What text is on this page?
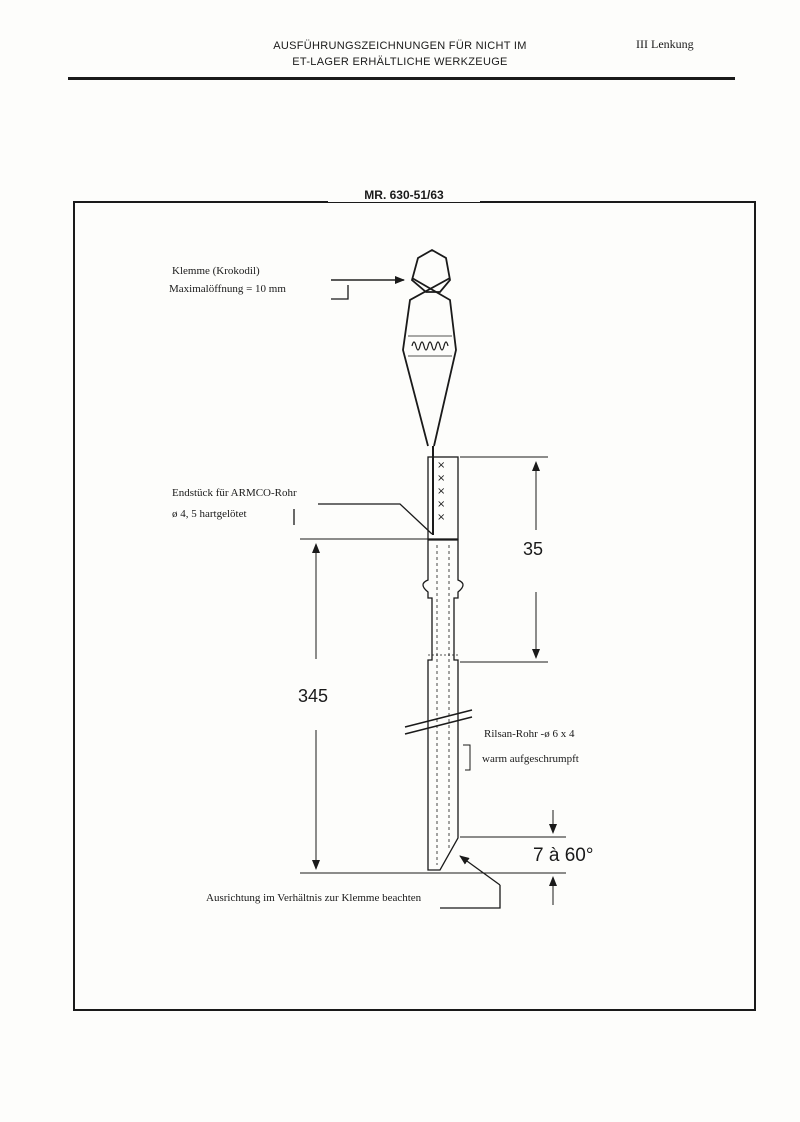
AUSFÜHRUNGSZEICHNUNGEN FÜR NICHT IM
ET-LAGER ERHÄLTLICHE WERKZEUGE
III Lenkung
MR. 630-51/63
×
×
×
×
×
Klemme (Krokodil)
Maximalöffnung = 10 mm
Endstück für ARMCO-Rohr
ø 4, 5 hartgelötet
Rilsan-Rohr -ø 6 x 4
warm aufgeschrumpft
Ausrichtung im Verhältnis zur Klemme beachten
35
345
7 à 60°
